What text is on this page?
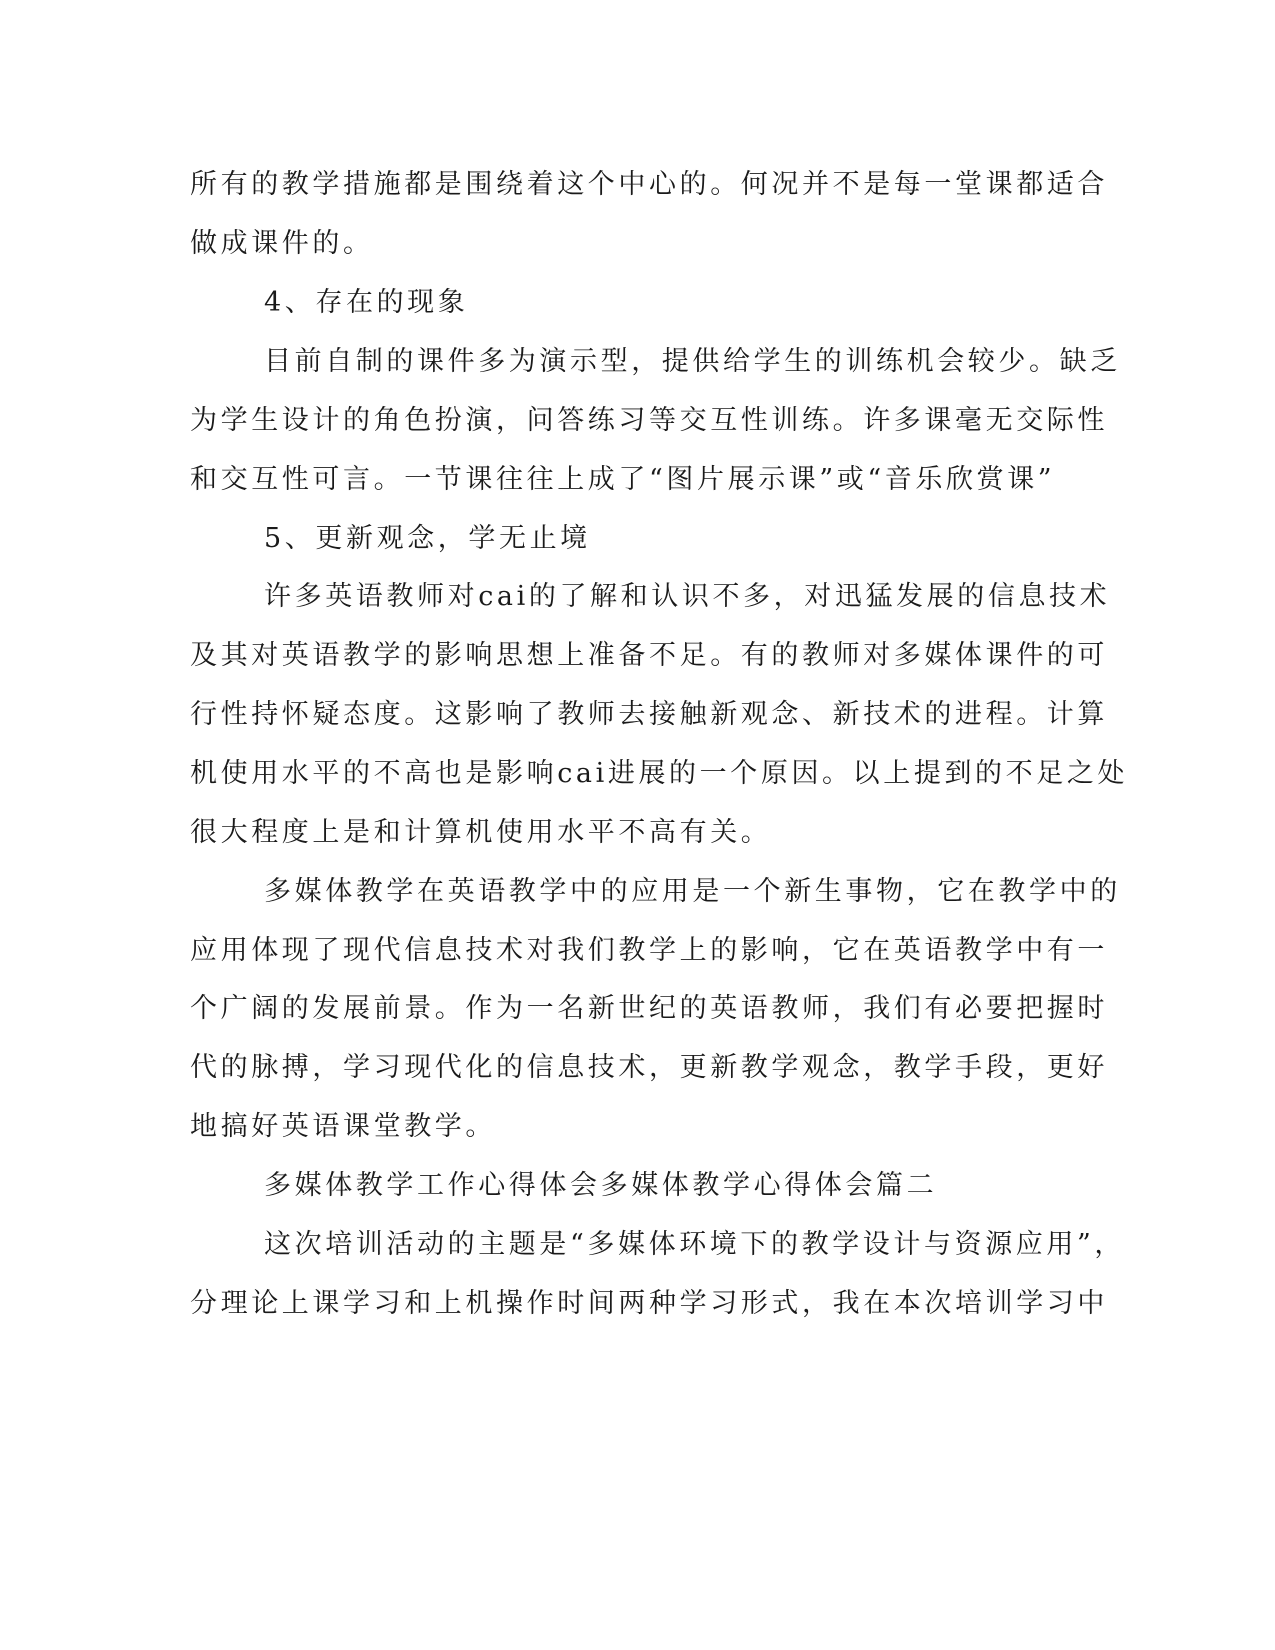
所有的教学措施都是围绕着这个中心的。何况并不是每一堂课都适合
做成课件的。
4、存在的现象
目前自制的课件多为演示型，提供给学生的训练机会较少。缺乏
为学生设计的角色扮演，问答练习等交互性训练。许多课毫无交际性
和交互性可言。一节课往往上成了“图片展示课”或“音乐欣赏课”
5、更新观念，学无止境
许多英语教师对cai的了解和认识不多，对迅猛发展的信息技术
及其对英语教学的影响思想上准备不足。有的教师对多媒体课件的可
行性持怀疑态度。这影响了教师去接触新观念、新技术的进程。计算
机使用水平的不高也是影响cai进展的一个原因。以上提到的不足之处
很大程度上是和计算机使用水平不高有关。
多媒体教学在英语教学中的应用是一个新生事物，它在教学中的
应用体现了现代信息技术对我们教学上的影响，它在英语教学中有一
个广阔的发展前景。作为一名新世纪的英语教师，我们有必要把握时
代的脉搏，学习现代化的信息技术，更新教学观念，教学手段，更好
地搞好英语课堂教学。
多媒体教学工作心得体会多媒体教学心得体会篇二
这次培训活动的主题是“多媒体环境下的教学设计与资源应用”，
分理论上课学习和上机操作时间两种学习形式，我在本次培训学习中
